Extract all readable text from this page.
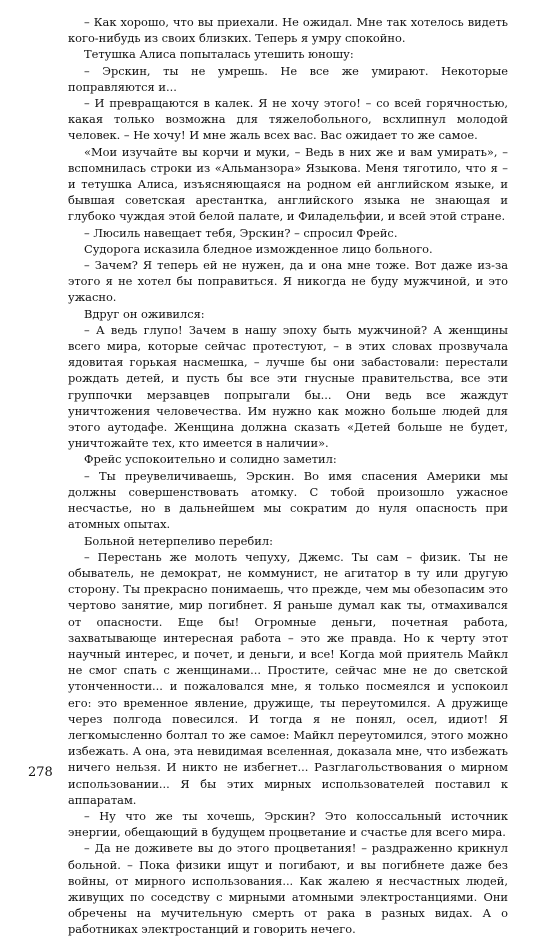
– Как хорошо, что вы приехали. Не ожидал. Мне так хотелось видеть кого-нибудь из своих близких. Теперь я умру спокойно.

Тетушка Алиса попыталась утешить юношу:

– Эрскин, ты не умрешь. Не все же умирают. Некоторые поправляются и...

– И превращаются в калек. Я не хочу этого! – со всей горячностью, какая только возможна для тяжелобольного, всхлипнул молодой человек. – Не хочу! И мне жаль всех вас. Вас ожидает то же самое.

«Мои изучайте вы корчи и муки, – Ведь в них же и вам умирать», – вспомнилась строки из «Альманзора» Языкова. Меня тяготило, что я – и тетушка Алиса, изъясняющаяся на родном ей английском языке, и бывшая советская арестантка, английского языка не знающая и глубоко чуждая этой белой палате, и Филадельфии, и всей этой стране.

– Люсиль навещает тебя, Эрскин? – спросил Фрейс.

Судорога исказила бледное изможденное лицо больного.

– Зачем? Я теперь ей не нужен, да и она мне тоже. Вот даже из-за этого я не хотел бы поправиться. Я никогда не буду мужчиной, и это ужасно.

Вдруг он оживился:

– А ведь глупо! Зачем в нашу эпоху быть мужчиной? А женщины всего мира, которые сейчас протестуют, – в этих словах прозвучала ядовитая горькая насмешка, – лучше бы они забастовали: перестали рождать детей, и пусть бы все эти гнусные правительства, все эти группочки мерзавцев попрыгали бы... Они ведь все жаждут уничтожения человечества. Им нужно как можно больше людей для этого аутодафе. Женщина должна сказать «Детей больше не будет, уничтожайте тех, кто имеется в наличии».

Фрейс успокоительно и солидно заметил:

– Ты преувеличиваешь, Эрскин. Во имя спасения Америки мы должны совершенствовать атомку. С тобой произошло ужасное несчастье, но в дальнейшем мы сократим до нуля опасность при атомных опытах.

Больной нетерпеливо перебил:

– Перестань же молоть чепуху, Джемс. Ты сам – физик. Ты не обыватель, не демократ, не коммунист, не агитатор в ту или другую сторону. Ты прекрасно понимаешь, что прежде, чем мы обезопасим это чертово занятие, мир погибнет. Я раньше думал как ты, отмахивался от опасности. Еще бы! Огромные деньги, почетная работа, захватывающе интересная работа – это же правда. Но к черту этот научный интерес, и почет, и деньги, и все! Когда мой приятель Майкл не смог спать с женщинами... Простите, сейчас мне не до светской утонченности... и пожаловался мне, я только посмеялся и успокоил его: это временное явление, дружище, ты переутомился. А дружище через полгода повесился. И тогда я не понял, осел, идиот! Я легкомысленно болтал то же самое: Майкл переутомился, этого можно избежать. А она, эта невидимая вселенная, доказала мне, что избежать ничего нельзя. И никто не избегнет... Разглагольствования о мирном использовании... Я бы этих мирных использователей поставил к аппаратам.

– Ну что же ты хочешь, Эрскин? Это колоссальный источник энергии, обещающий в будущем процветание и счастье для всего мира.

– Да не доживете вы до этого процветания! – раздраженно крикнул больной. – Пока физики ищут и погибают, и вы погибнете даже без войны, от мирного использования... Как жалею я несчастных людей, живущих по соседству с мирными атомными электростанциями. Они обречены на мучительную смерть от рака в разных видах. А о работниках электростанций и говорить нечего.

278
